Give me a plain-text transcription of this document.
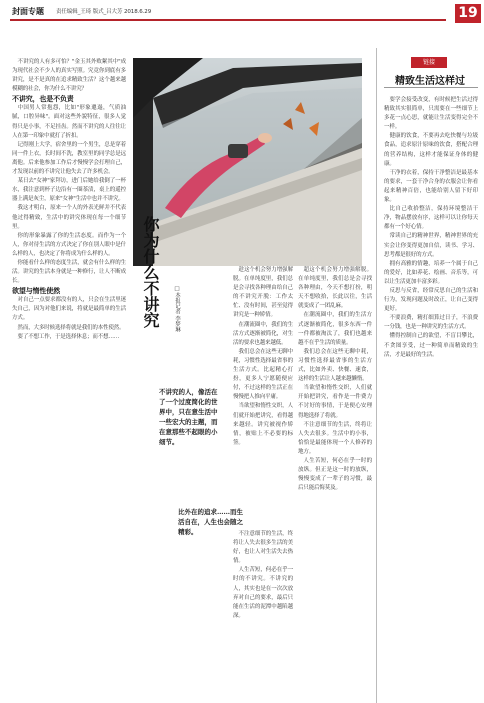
封面专题 责任编辑_王琦 版式_吕大芳 2018.6.29	19

不讲究的人有多可怕？"金玉其外败絮其中"成为现代社会不少人的真实写照。究竟你到底有多讲究，是不是真的在追求精致生活？这个越来越模糊的社会，你为什么不讲究？

不讲究，也是不负责

中国男人常抱怨，比如"形象邋遢，气质油腻，口腔异味"。面对这些外貌特征，很多人觉得只是小事，不足挂齿。然而不讲究的人往往让人在第一印象中就打了折扣。

记得刚上大学，宿舍里的一个男生，总是穿着同一件上衣，长时间不洗，教室里的同学总是远离他。后来他参加工作后才慢慢学会打理自己，才发现以前的不讲究让他失去了许多机会。

某日去"女神"家拜访，进门后她给我倒了一杯水，我注意到杯子边沿有一圈茶渍，桌上的遥控器上满是灰尘，原来"女神"生活中也并不讲究。

我这才明白，原来一个人的外表光鲜并不代表他过得精致，生活中的讲究体现在每一个细节里。

你的形象暴露了你的生活态度。而作为一个人，你对待生活的方式决定了你在别人眼中是什么样的人，也决定了你将成为什么样的人。

你能看什么样的态度生活，就会有什么样的生活。讲究的生活本身就是一种修行，让人不断成长。

欲望与惰性使然

对自己一点要求都没有的人，只会在生活里迷失自己，因为对他们来说，将就是最简单的生活方式。

然而，大多时候选择将就是我们的本性使然。

要了不想工作，于是选择休息；而不想……

你为什么不讲究	□本报记者 李梦琳

趁这个机会努力增强解脱。在单纯度里，我们总是会寻找各种理由给自己的不讲究开脱：工作太忙、没有时间，甚至觉得讲究是一种矫情。

在潮流圈中，我们的生活方式逐渐被简化，对生活的要求也越来越低。

我们总会在这些无聊中耗，习惯性选择最省事的生活方式。比起精心打扮，更多人宁愿随便应付，不过这样的生活正在慢慢把人推向平庸。

当欲望和惰性交织，人们就开始把讲究，看得越来越轻。讲究被视作矫情，被贴上不必要的标签。

超这个机会努力增强解脱。在单纯度里，我们总是会寻找各种理由，今天不想打扮，明天不想收拾，长此以往，生活就变成了一团乱麻。

在潮流圈中，我们的生活方式逐渐被简化，很多东西一件一件都被淘汰了，我们也越来越不在乎生活的质量。

我们总会在这些无聊中耗，习惯性选择最省事的生活方式，比如外卖、快餐、速食，这样的生活让人越来越懒惰。

当欲望和惰性交织，人们就开始把讲究，看作是一件费力不讨好的事情，于是便心安理得地选择了将就。

不注意细节的生活，终将让人失去很多。生活中的小事，恰恰是最能体现一个人修养的地方。

人生苦短，何必在乎一时的放纵。但正是这一时的放纵，慢慢变成了一辈子的习惯，最后只能后悔莫及。

不注意细节的生活，终将让人失去很多生活的美好，也让人对生活失去热情。

人生苦短，何必在乎一时的不讲究。不讲究的人，其实也是在一次次放弃对自己的要求，最后只能在生活的泥潭中越陷越深。

不讲究的人，像活在了一个过度简化的世界中，只在意生活中一些宏大的主题，而在意那些不起眼的小细节。
比外在的追求……而生活自在，人生也会随之精彩。
链接
精致生活这样过

要学会接受改变，有时候把生活过得精致其实很简单，只需要在一些细节上多花一点心思，就能让生活变得完全不一样。

健康的饮食，不要再去吃快餐与垃圾食品，追求原汁原味的饮食，搭配合理的营养结构，这样才能保证身体的健康。

干净的衣着，保持干净整洁是最基本的要求，一套干净合身的衣服会让你看起来精神百倍，也能给别人留下好印象。

比自己收拾整洁，保持环境整洁干净，物品摆放有序，这样可以让你每天都有一个好心情。

常读自己的精神世界，精神世界的充实会让你变得更加自信，读书、学习、思考都是很好的方式。

拥有高雅的情趣，培养一个属于自己的爱好，比如养花、绘画、音乐等，可以让生活更加丰富多彩。

反思与反省，经常反思自己的生活和行为，发现问题及时改正，让自己变得更好。

不要浪费，精打细算过日子，不浪费一分钱，也是一种讲究的生活方式。

懂得控制自己的欲望，不盲目攀比，不贪图享受，过一种简单而精致的生活，才是最好的生活。
